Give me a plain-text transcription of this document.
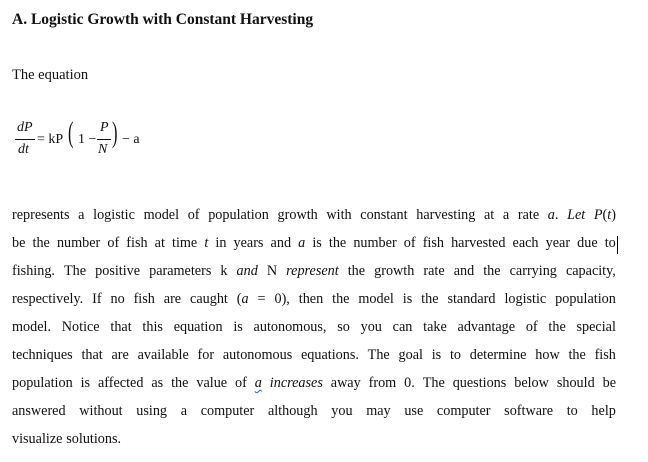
A. Logistic Growth with Constant Harvesting

The equation

dP
dt
= kP ( 1 −
P
N
) − a
represents a logistic model of population growth with constant harvesting at a rate a. Let P(t)
be the number of fish at time t in years and a is the number of fish harvested each year due to
fishing. The positive parameters k and N represent the growth rate and the carrying capacity,
respectively. If no fish are caught (a = 0), then the model is the standard logistic population
model. Notice that this equation is autonomous, so you can take advantage of the special
techniques that are available for autonomous equations. The goal is to determine how the fish
population is affected as the value of a increases away from 0. The questions below should be
answered without using a computer although you may use computer software to help
visualize solutions.
